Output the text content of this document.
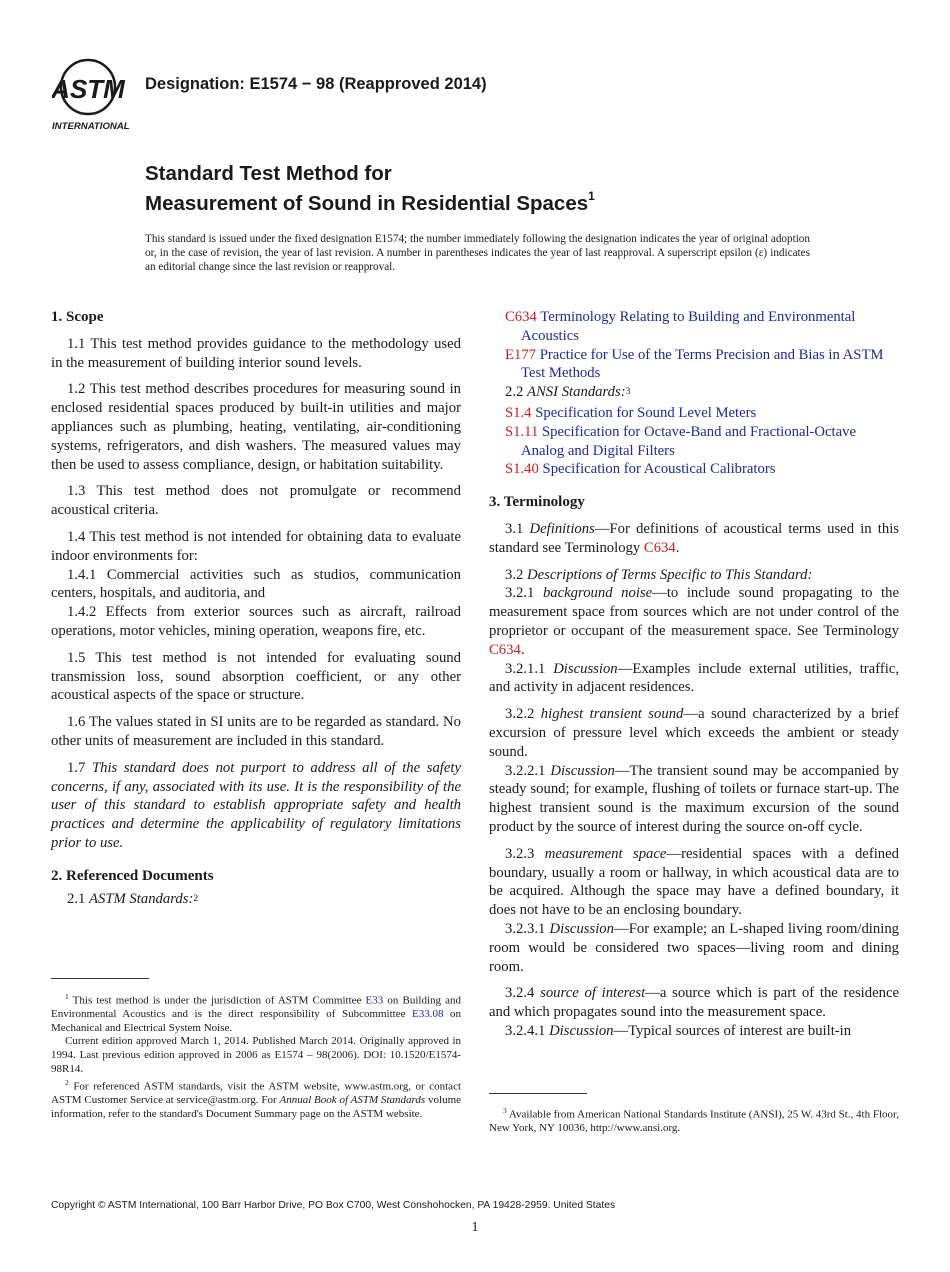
ASTM
INTERNATIONAL
Designation: E1574 − 98 (Reapproved 2014)
Standard Test Method for
Measurement of Sound in Residential Spaces$^1$
This standard is issued under the fixed designation E1574; the number immediately following the designation indicates the year of original adoption or, in the case of revision, the year of last revision. A number in parentheses indicates the year of last reapproval. A superscript epsilon (ε) indicates an editorial change since the last revision or reapproval.
1. Scope

1.1 This test method provides guidance to the methodology used in the measurement of building interior sound levels.

1.2 This test method describes procedures for measuring sound in enclosed residential spaces produced by built-in utilities and major appliances such as plumbing, heating, ventilating, air-conditioning systems, refrigerators, and dish washers. The measured values may then be used to assess compliance, design, or habitation suitability.

1.3 This test method does not promulgate or recommend acoustical criteria.

1.4 This test method is not intended for obtaining data to evaluate indoor environments for:

1.4.1 Commercial activities such as studios, communication centers, hospitals, and auditoria, and

1.4.2 Effects from exterior sources such as aircraft, railroad operations, motor vehicles, mining operation, weapons fire, etc.

1.5 This test method is not intended for evaluating sound transmission loss, sound absorption coefficient, or any other acoustical aspects of the space or structure.

1.6 The values stated in SI units are to be regarded as standard. No other units of measurement are included in this standard.

1.7 This standard does not purport to address all of the safety concerns, if any, associated with its use. It is the responsibility of the user of this standard to establish appropriate safety and health practices and determine the applicability of regulatory limitations prior to use.

2. Referenced Documents

2.1 ASTM Standards:$^2$

$^1$ This test method is under the jurisdiction of ASTM Committee E33 on Building and Environmental Acoustics and is the direct responsibility of Subcommittee E33.08 on Mechanical and Electrical System Noise.

Current edition approved March 1, 2014. Published March 2014. Originally approved in 1994. Last previous edition approved in 2006 as E1574 – 98(2006). DOI: 10.1520/E1574-98R14.

$^2$ For referenced ASTM standards, visit the ASTM website, www.astm.org, or contact ASTM Customer Service at service@astm.org. For Annual Book of ASTM Standards volume information, refer to the standard's Document Summary page on the ASTM website.

C634 Terminology Relating to Building and Environmental Acoustics

E177 Practice for Use of the Terms Precision and Bias in ASTM Test Methods

2.2 ANSI Standards:$^3$

S1.4 Specification for Sound Level Meters

S1.11 Specification for Octave-Band and Fractional-Octave Analog and Digital Filters

S1.40 Specification for Acoustical Calibrators

3. Terminology

3.1 Definitions—For definitions of acoustical terms used in this standard see Terminology C634.

3.2 Descriptions of Terms Specific to This Standard:

3.2.1 background noise—to include sound propagating to the measurement space from sources which are not under control of the proprietor or occupant of the measurement space. See Terminology C634.

3.2.1.1 Discussion—Examples include external utilities, traffic, and activity in adjacent residences.

3.2.2 highest transient sound—a sound characterized by a brief excursion of pressure level which exceeds the ambient or steady sound.

3.2.2.1 Discussion—The transient sound may be accompanied by steady sound; for example, flushing of toilets or furnace start-up. The highest transient sound is the maximum excursion of the sound product by the source of interest during the source on-off cycle.

3.2.3 measurement space—residential spaces with a defined boundary, usually a room or hallway, in which acoustical data are to be acquired. Although the space may have a defined boundary, it does not have to be an enclosing boundary.

3.2.3.1 Discussion—For example; an L-shaped living room/dining room would be considered two spaces—living room and dining room.

3.2.4 source of interest—a source which is part of the residence and which propagates sound into the measurement space.

3.2.4.1 Discussion—Typical sources of interest are built-in

$^3$ Available from American National Standards Institute (ANSI), 25 W. 43rd St., 4th Floor, New York, NY 10036, http://www.ansi.org.

Copyright © ASTM International, 100 Barr Harbor Drive, PO Box C700, West Conshohocken, PA 19428-2959. United States
1
